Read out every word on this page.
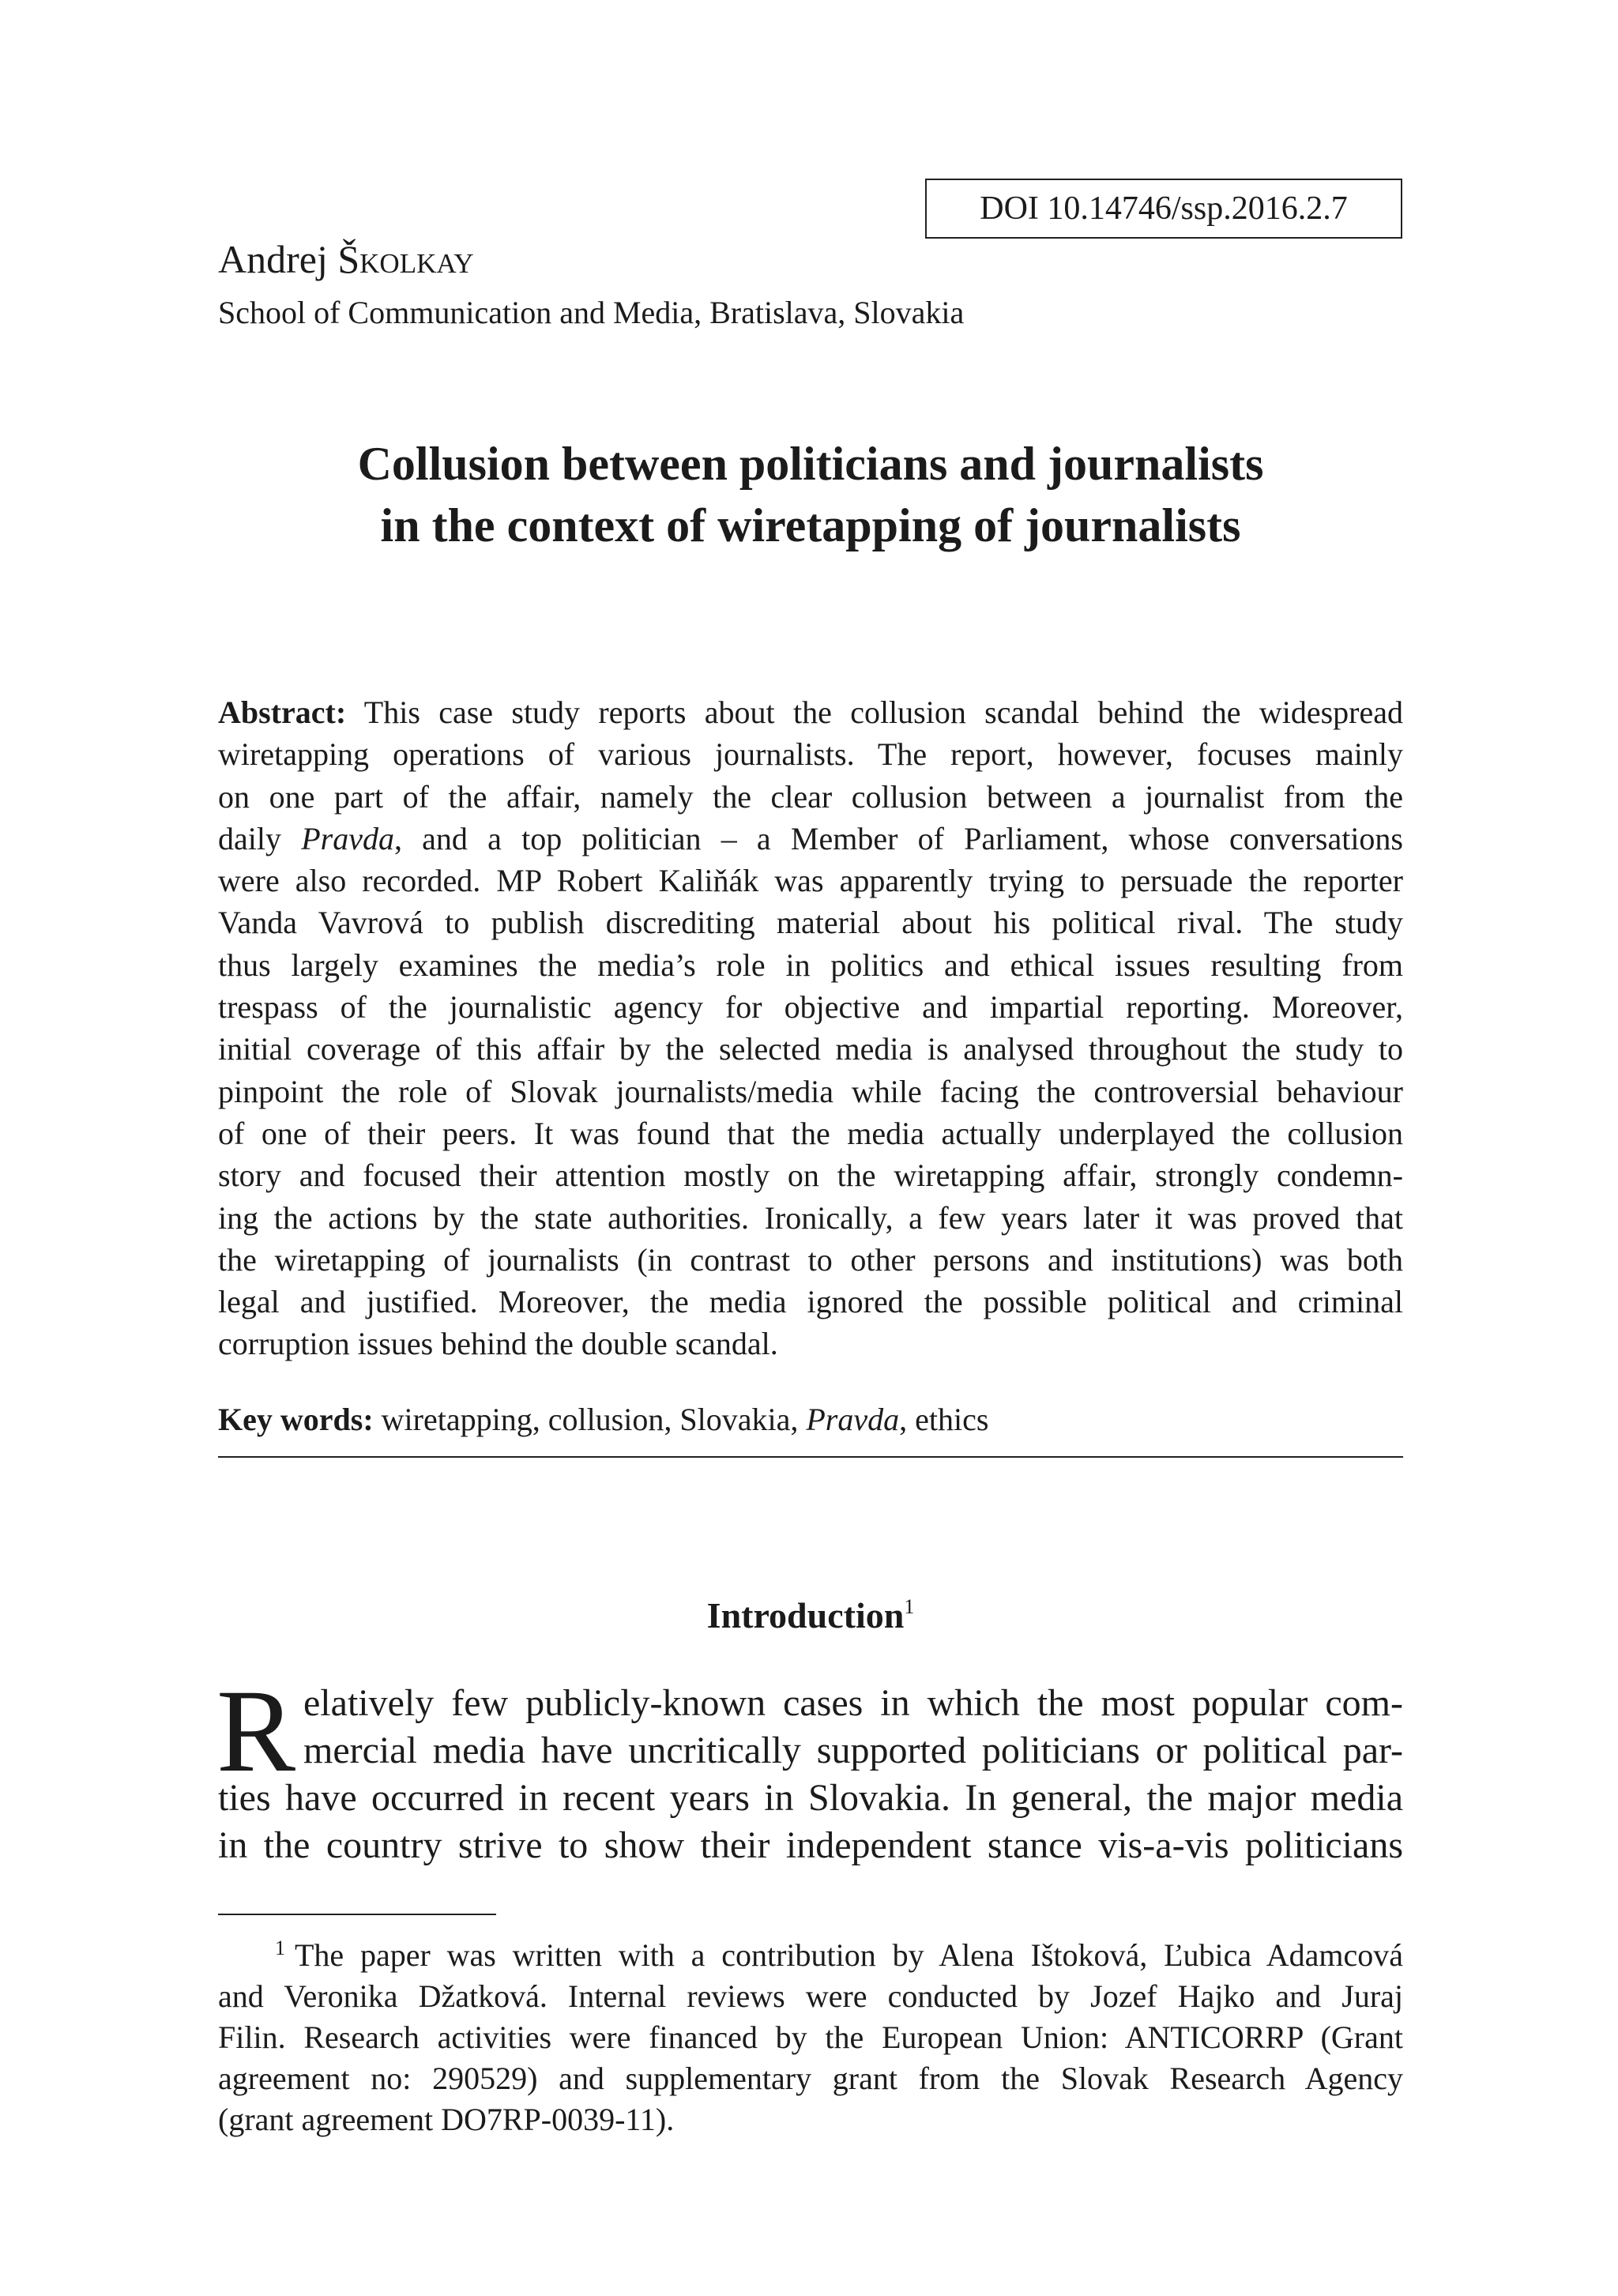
DOI 10.14746/ssp.2016.2.7
Andrej Školkay
School of Communication and Media, Bratislava, Slovakia
Collusion between politicians and journalists
in the context of wiretapping of journalists
Abstract: This case study reports about the collusion scandal behind the widespread
wiretapping operations of various journalists. The report, however, focuses mainly
on one part of the affair, namely the clear collusion between a journalist from the
daily Pravda, and a top politician – a Member of Parliament, whose conversations
were also recorded. MP Robert Kaliňák was apparently trying to persuade the reporter
Vanda Vavrová to publish discrediting material about his political rival. The study
thus largely examines the media’s role in politics and ethical issues resulting from
trespass of the journalistic agency for objective and impartial reporting. Moreover,
initial coverage of this affair by the selected media is analysed throughout the study to
pinpoint the role of Slovak journalists/media while facing the controversial behaviour
of one of their peers. It was found that the media actually underplayed the collusion
story and focused their attention mostly on the wiretapping affair, strongly condemn-
ing the actions by the state authorities. Ironically, a few years later it was proved that
the wiretapping of journalists (in contrast to other persons and institutions) was both
legal and justified. Moreover, the media ignored the possible political and criminal
corruption issues behind the double scandal.
Key words: wiretapping, collusion, Slovakia, Pravda, ethics
Introduction$^1$
R elatively few publicly-known cases in which the most popular com-
mercial media have uncritically supported politicians or political par-
ties have occurred in recent years in Slovakia. In general, the major media
in the country strive to show their independent stance vis-a-vis politicians
$^1$ The paper was written with a contribution by Alena Ištoková, Ľubica Adamcová
and Veronika Džatková. Internal reviews were conducted by Jozef Hajko and Juraj
Filin. Research activities were financed by the European Union: ANTICORRP (Grant
agreement no: 290529) and supplementary grant from the Slovak Research Agency
(grant agreement DO7RP-0039-11).
